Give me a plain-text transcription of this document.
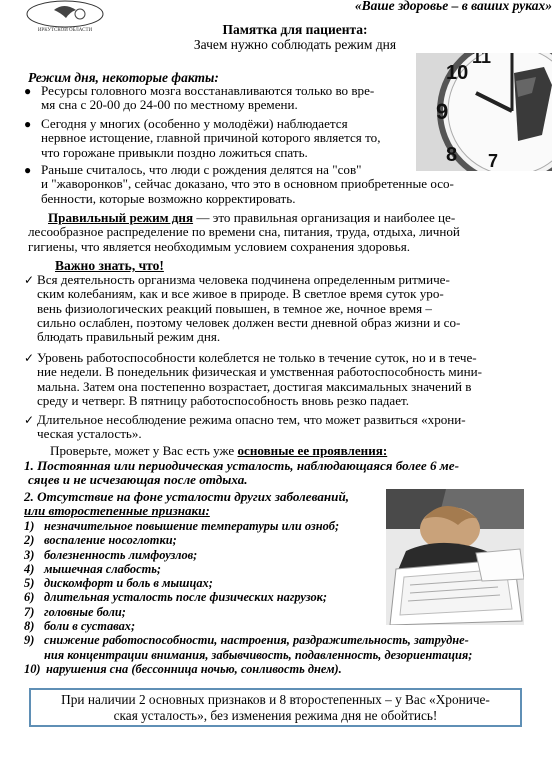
ИРКУТСКОЙ ОБЛАСТИ
«Ваше здоровье – в ваших руках»
Памятка для пациента:
Зачем нужно соблюдать режим дня
10
11
9
8 7
Режим дня, некоторые факты:
● Ресурсы головного мозга восстанавливаются только во вре-
мя сна с 20-00 до 24-00 по местному времени.
● Сегодня у многих (особенно у молодёжи) наблюдается
нервное истощение, главной причиной которого является то,
что горожане привыкли поздно ложиться спать.
● Раньше считалось, что люди с рождения делятся на "сов"
и "жаворонков", сейчас доказано, что это в основном приобретенные осо-
бенности, которые возможно корректировать.
Правильный режим дня — это правильная организация и наиболее це-
лесообразное распределение по времени сна, питания, труда, отдыха, личной
гигиены, что является необходимым условием сохранения здоровья.
Важно знать, что!
✓ Вся деятельность организма человека подчинена определенным ритмиче-
ским колебаниям, как и все живое в природе. В светлое время суток уро-
вень физиологических реакций повышен, в темное же, ночное время –
сильно ослаблен, поэтому человек должен вести дневной образ жизни и со-
блюдать правильный режим дня.
✓ Уровень работоспособности колеблется не только в течение суток, но и в тече-
ние недели. В понедельник физическая и умственная работоспособность мини-
мальна. Затем она постепенно возрастает, достигая максимальных значений в
среду и четверг. В пятницу работоспособность вновь резко падает.
✓ Длительное несоблюдение режима опасно тем, что может развиться «хрони-
ческая усталость».
Проверьте, может у Вас есть уже основные ее проявления:
1. Постоянная или периодическая усталость, наблюдающаяся более 6 ме-
сяцев и не исчезающая после отдыха.
2. Отсутствие на фоне усталости других заболеваний,
или второстепенные признаки:
1) незначительное повышение температуры или озноб;
2) воспаление носоглотки;
3) болезненность лимфоузлов;
4) мышечная слабость;
5) дискомфорт и боль в мышцах;
6) длительная усталость после физических нагрузок;
7) головные боли;
8) боли в суставах;
9) снижение работоспособности, настроения, раздражительность, затрудне-
ния концентрации внимания, забывчивость, подавленность, дезориентация;
10) нарушения сна (бессонница ночью, сонливость днем).
При наличии 2 основных признаков и 8 второстепенных – у Вас «Хрониче-
ская усталость», без изменения режима дня не обойтись!
